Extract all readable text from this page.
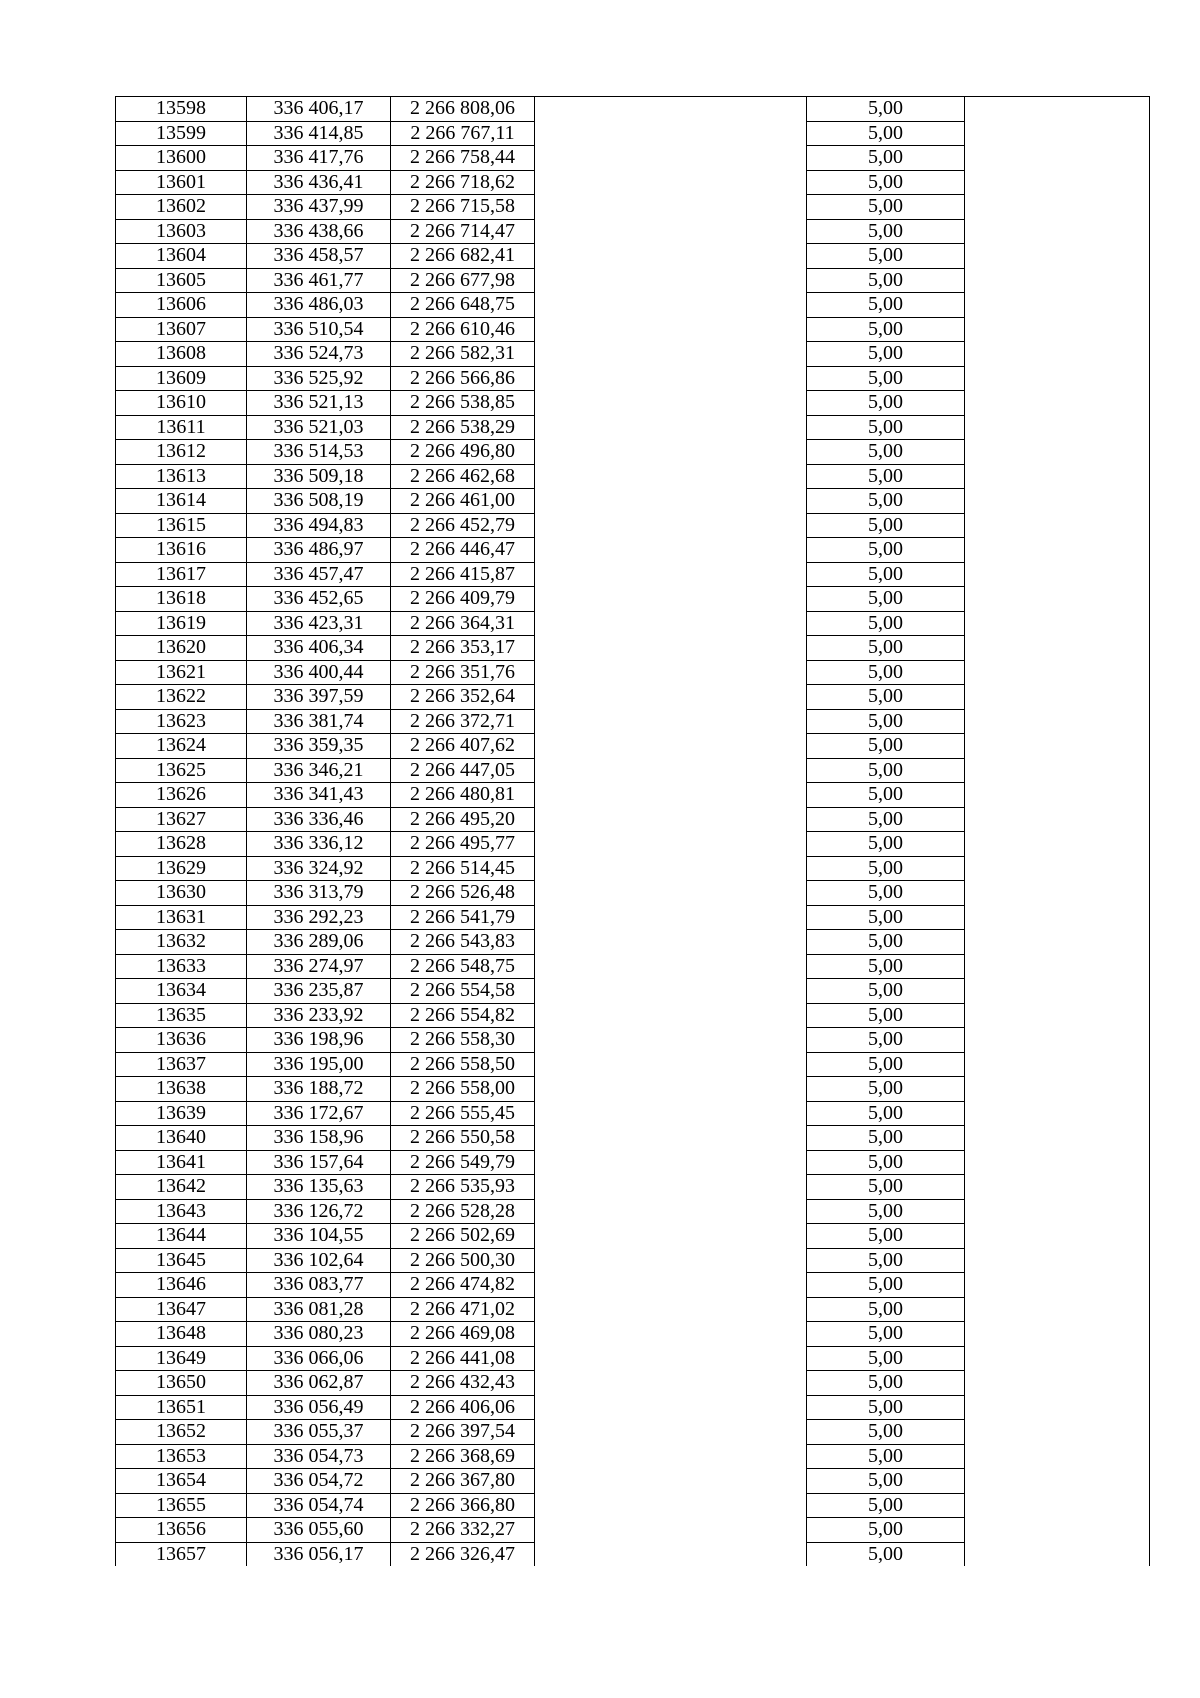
13598	336 406,17	2 266 808,06		5,00	
13599	336 414,85	2 266 767,11		5,00	
13600	336 417,76	2 266 758,44		5,00	
13601	336 436,41	2 266 718,62		5,00	
13602	336 437,99	2 266 715,58		5,00	
13603	336 438,66	2 266 714,47		5,00	
13604	336 458,57	2 266 682,41		5,00	
13605	336 461,77	2 266 677,98		5,00	
13606	336 486,03	2 266 648,75		5,00	
13607	336 510,54	2 266 610,46		5,00	
13608	336 524,73	2 266 582,31		5,00	
13609	336 525,92	2 266 566,86		5,00	
13610	336 521,13	2 266 538,85		5,00	
13611	336 521,03	2 266 538,29		5,00	
13612	336 514,53	2 266 496,80		5,00	
13613	336 509,18	2 266 462,68		5,00	
13614	336 508,19	2 266 461,00		5,00	
13615	336 494,83	2 266 452,79		5,00	
13616	336 486,97	2 266 446,47		5,00	
13617	336 457,47	2 266 415,87		5,00	
13618	336 452,65	2 266 409,79		5,00	
13619	336 423,31	2 266 364,31		5,00	
13620	336 406,34	2 266 353,17		5,00	
13621	336 400,44	2 266 351,76		5,00	
13622	336 397,59	2 266 352,64		5,00	
13623	336 381,74	2 266 372,71		5,00	
13624	336 359,35	2 266 407,62		5,00	
13625	336 346,21	2 266 447,05		5,00	
13626	336 341,43	2 266 480,81		5,00	
13627	336 336,46	2 266 495,20		5,00	
13628	336 336,12	2 266 495,77		5,00	
13629	336 324,92	2 266 514,45		5,00	
13630	336 313,79	2 266 526,48		5,00	
13631	336 292,23	2 266 541,79		5,00	
13632	336 289,06	2 266 543,83		5,00	
13633	336 274,97	2 266 548,75		5,00	
13634	336 235,87	2 266 554,58		5,00	
13635	336 233,92	2 266 554,82		5,00	
13636	336 198,96	2 266 558,30		5,00	
13637	336 195,00	2 266 558,50		5,00	
13638	336 188,72	2 266 558,00		5,00	
13639	336 172,67	2 266 555,45		5,00	
13640	336 158,96	2 266 550,58		5,00	
13641	336 157,64	2 266 549,79		5,00	
13642	336 135,63	2 266 535,93		5,00	
13643	336 126,72	2 266 528,28		5,00	
13644	336 104,55	2 266 502,69		5,00	
13645	336 102,64	2 266 500,30		5,00	
13646	336 083,77	2 266 474,82		5,00	
13647	336 081,28	2 266 471,02		5,00	
13648	336 080,23	2 266 469,08		5,00	
13649	336 066,06	2 266 441,08		5,00	
13650	336 062,87	2 266 432,43		5,00	
13651	336 056,49	2 266 406,06		5,00	
13652	336 055,37	2 266 397,54		5,00	
13653	336 054,73	2 266 368,69		5,00	
13654	336 054,72	2 266 367,80		5,00	
13655	336 054,74	2 266 366,80		5,00	
13656	336 055,60	2 266 332,27		5,00	
13657	336 056,17	2 266 326,47		5,00	
